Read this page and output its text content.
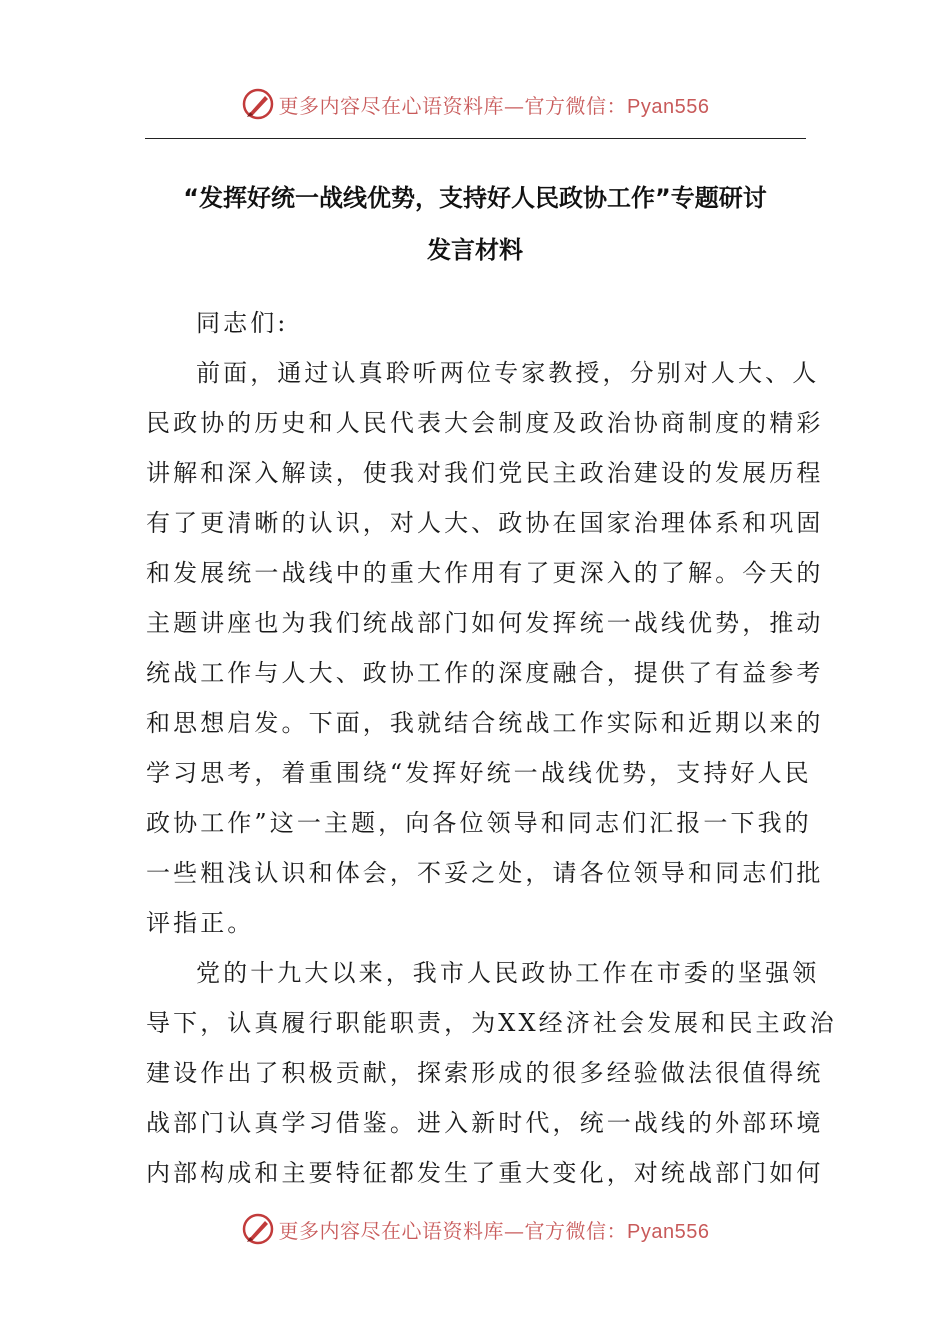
更多内容尽在心语资料库—官方微信：Pyan556
“发挥好统一战线优势，支持好人民政协工作”专题研讨
发言材料
同志们:
前面，通过认真聆听两位专家教授，分别对人大、人
民政协的历史和人民代表大会制度及政治协商制度的精彩
讲解和深入解读，使我对我们党民主政治建设的发展历程
有了更清晰的认识，对人大、政协在国家治理体系和巩固
和发展统一战线中的重大作用有了更深入的了解。今天的
主题讲座也为我们统战部门如何发挥统一战线优势，推动
统战工作与人大、政协工作的深度融合，提供了有益参考
和思想启发。下面，我就结合统战工作实际和近期以来的
学习思考，着重围绕“发挥好统一战线优势，支持好人民
政协工作”这一主题，向各位领导和同志们汇报一下我的
一些粗浅认识和体会，不妥之处，请各位领导和同志们批
评指正。
党的十九大以来，我市人民政协工作在市委的坚强领
导下，认真履行职能职责，为XX经济社会发展和民主政治
建设作出了积极贡献，探索形成的很多经验做法很值得统
战部门认真学习借鉴。进入新时代，统一战线的外部环境
内部构成和主要特征都发生了重大变化，对统战部门如何
更多内容尽在心语资料库—官方微信：Pyan556
